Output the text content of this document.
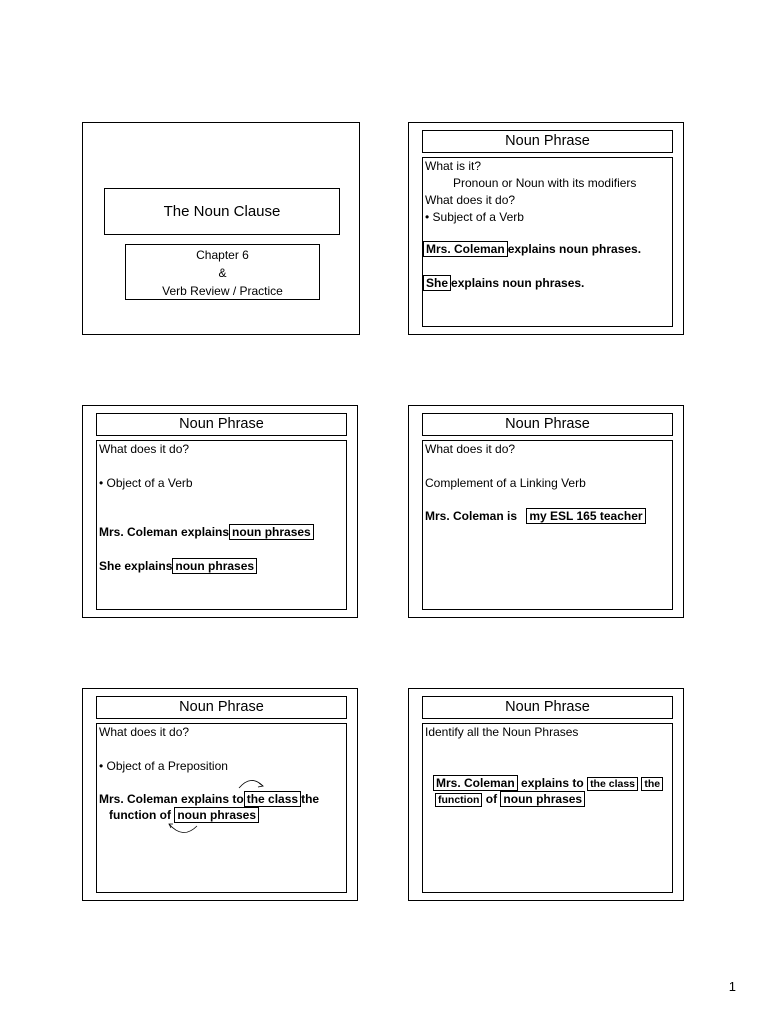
The Noun Clause
Chapter 6
&
Verb Review / Practice
Noun Phrase
What is it?
Pronoun or Noun with its modifiers
What does it do?
• Subject of a Verb
Mrs. Coleman explains noun phrases.
She explains noun phrases.
Noun Phrase
What does it do?
• Object of a Verb
Mrs. Coleman explains noun phrases
She explains noun phrases
Noun Phrase
What does it do?
Complement of a Linking Verb
Mrs. Coleman is my ESL 165 teacher
Noun Phrase
What does it do?
• Object of a Preposition
Mrs. Coleman explains to the class the
function of noun phrases
Noun Phrase
Identify all the Noun Phrases
Mrs. Coleman explains to the class the
function of noun phrases
1
